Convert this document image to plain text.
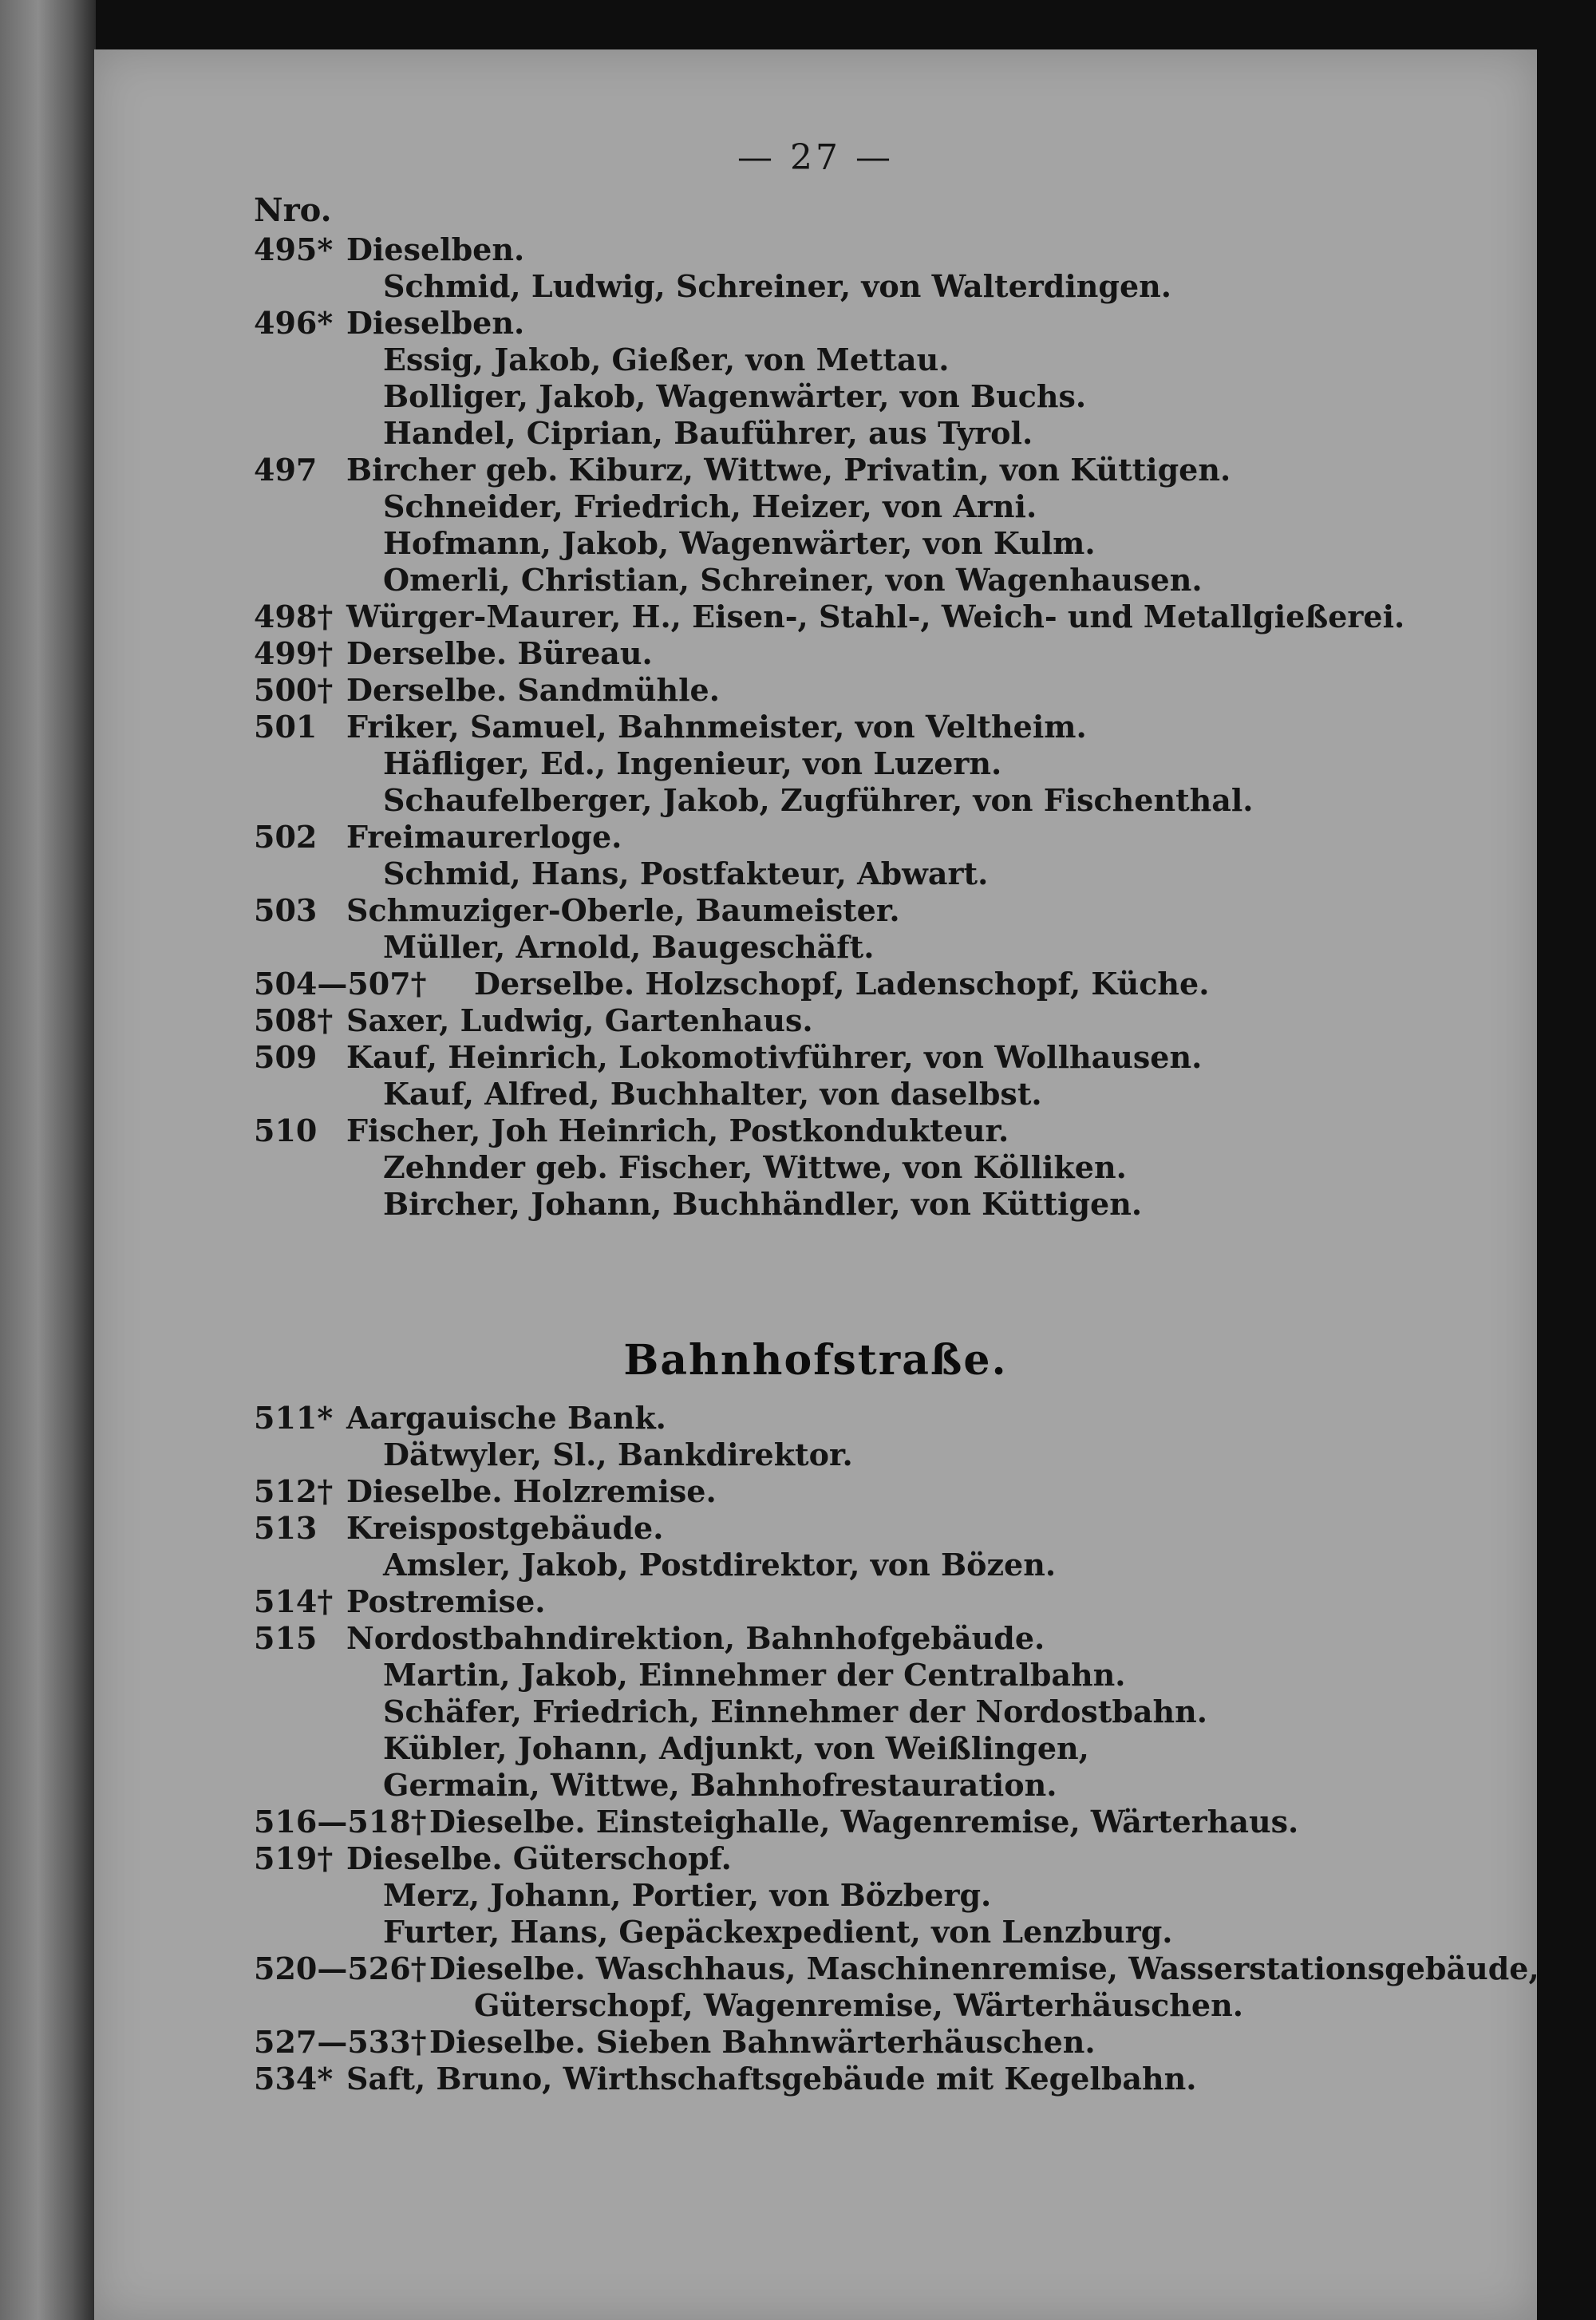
— 27 —
Nro.
495* Dieselben.
Schmid, Ludwig, Schreiner, von Walterdingen.
496* Dieselben.
Essig, Jakob, Gießer, von Mettau.
Bolliger, Jakob, Wagenwärter, von Buchs.
Handel, Ciprian, Bauführer, aus Tyrol.
497 Bircher geb. Kiburz, Wittwe, Privatin, von Küttigen.
Schneider, Friedrich, Heizer, von Arni.
Hofmann, Jakob, Wagenwärter, von Kulm.
Omerli, Christian, Schreiner, von Wagenhausen.
498† Würger-Maurer, H., Eisen-, Stahl-, Weich- und Metallgießerei.
499† Derselbe. Büreau.
500† Derselbe. Sandmühle.
501 Friker, Samuel, Bahnmeister, von Veltheim.
Häfliger, Ed., Ingenieur, von Luzern.
Schaufelberger, Jakob, Zugführer, von Fischenthal.
502 Freimaurerloge.
Schmid, Hans, Postfakteur, Abwart.
503 Schmuziger-Oberle, Baumeister.
Müller, Arnold, Baugeschäft.
504—507† Derselbe. Holzschopf, Ladenschopf, Küche.
508† Saxer, Ludwig, Gartenhaus.
509 Kauf, Heinrich, Lokomotivführer, von Wollhausen.
Kauf, Alfred, Buchhalter, von daselbst.
510 Fischer, Joh Heinrich, Postkondukteur.
Zehnder geb. Fischer, Wittwe, von Kölliken.
Bircher, Johann, Buchhändler, von Küttigen.
Bahnhofstraße.
511* Aargauische Bank.
Dätwyler, Sl., Bankdirektor.
512† Dieselbe. Holzremise.
513 Kreispostgebäude.
Amsler, Jakob, Postdirektor, von Bözen.
514† Postremise.
515 Nordostbahndirektion, Bahnhofgebäude.
Martin, Jakob, Einnehmer der Centralbahn.
Schäfer, Friedrich, Einnehmer der Nordostbahn.
Kübler, Johann, Adjunkt, von Weißlingen,
Germain, Wittwe, Bahnhofrestauration.
516—518† Dieselbe. Einsteighalle, Wagenremise, Wärterhaus.
519† Dieselbe. Güterschopf.
Merz, Johann, Portier, von Bözberg.
Furter, Hans, Gepäckexpedient, von Lenzburg.
520—526† Dieselbe. Waschhaus, Maschinenremise, Wasserstationsgebäude,
Güterschopf, Wagenremise, Wärterhäuschen.
527—533† Dieselbe. Sieben Bahnwärterhäuschen.
534* Saft, Bruno, Wirthschaftsgebäude mit Kegelbahn.
